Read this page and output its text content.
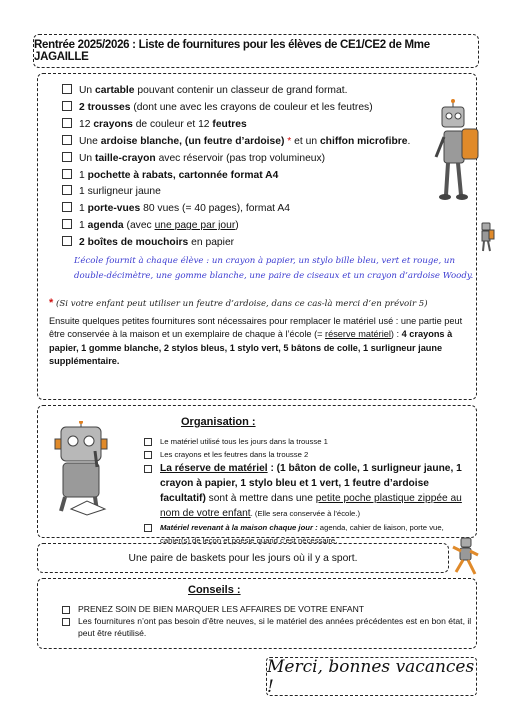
Rentrée 2025/2026 : Liste de fournitures pour les élèves de CE1/CE2 de Mme JAGAILLE
Un cartable pouvant contenir un classeur de grand format.
2 trousses (dont une avec les crayons de couleur et les feutres)
12 crayons de couleur et 12 feutres
Une ardoise blanche, (un feutre d’ardoise) * et un chiffon microfibre.
Un taille-crayon avec réservoir (pas trop volumineux)
1 pochette à rabats, cartonnée format A4
1 surligneur jaune
1 porte-vues 80 vues (= 40 pages), format A4
1 agenda (avec une page par jour)
2 boîtes de mouchoirs en papier
L’école fournit à chaque élève : un crayon à papier, un stylo bille bleu, vert et rouge, un double-décimètre, une gomme blanche, une paire de ciseaux et un crayon d’ardoise Woody.
* (Si votre enfant peut utiliser un feutre d’ardoise, dans ce cas-là merci d’en prévoir 5)
Ensuite quelques petites fournitures sont nécessaires pour remplacer le matériel usé : une partie peut être conservée à la maison et un exemplaire de chaque à l’école (= réserve matériel) : 4 crayons à papier, 1 gomme blanche, 2 stylos bleus, 1 stylo vert, 5 bâtons de colle, 1 surligneur jaune supplémentaire.
Organisation :
Le matériel utilisé tous les jours dans la trousse 1
Les crayons et les feutres dans la trousse 2
La réserve de matériel : (1 bâton de colle, 1 surligneur jaune, 1 crayon à papier, 1 stylo bleu et 1 vert, 1 feutre d’ardoise facultatif) sont à mettre dans une petite poche plastique zippée au nom de votre enfant. (Elle sera conservée à l’école.)
Matériel revenant à la maison chaque jour : agenda, cahier de liaison, porte vue, cahier(s) de leçon et poésie quand c’est nécessaire.
Une paire de baskets pour les jours où il y a sport.
Conseils :
PRENEZ SOIN DE BIEN MARQUER LES AFFAIRES DE VOTRE ENFANT
Les fournitures n’ont pas besoin d’être neuves, si le matériel des années précédentes est en bon état, il peut être réutilisé.
Merci, bonnes vacances !
